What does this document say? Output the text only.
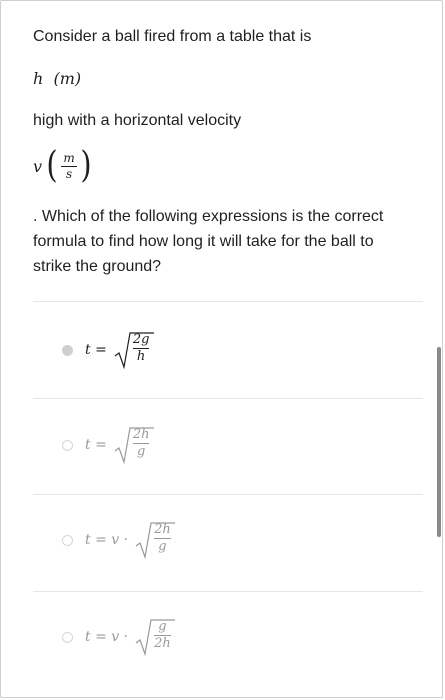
Consider a ball fired from a table that is
h (m)
high with a horizontal velocity
v ( m
s )
. Which of the following expressions is the correct
formula to find how long it will take for the ball to
strike the ground?
$t = \frac{2g}{h}$
$t = \frac{2h}{g}$
$t = v \cdot \frac{2h}{g}$
$t = v \cdot \frac{g}{2h}$
